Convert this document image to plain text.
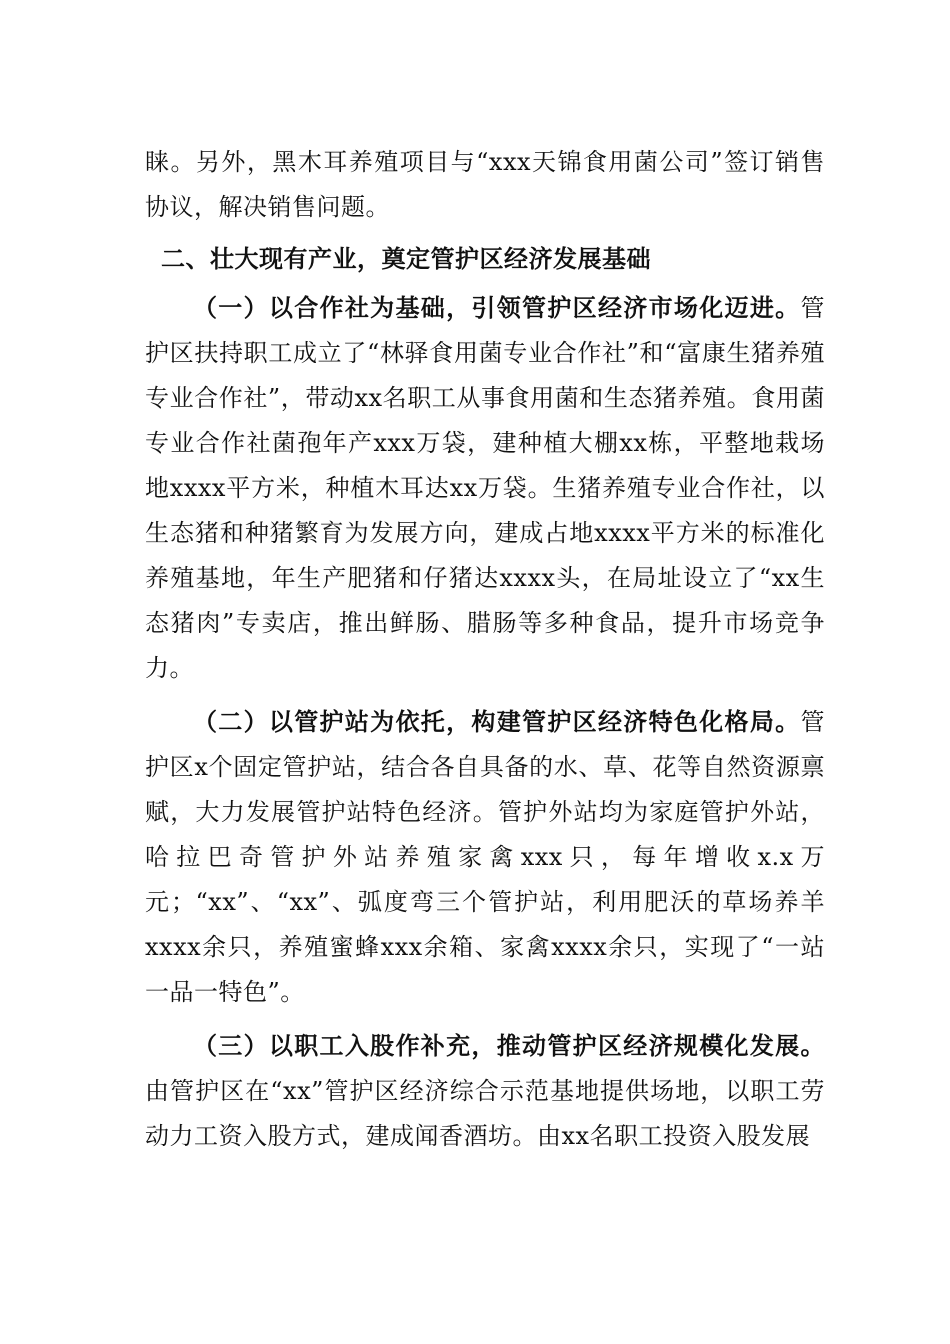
睐。另外，黑木耳养殖项目与“xxx天锦食用菌公司”签订销售协议，解决销售问题。

二、壮大现有产业，奠定管护区经济发展基础

（一）以合作社为基础，引领管护区经济市场化迈进。管护区扶持职工成立了“林驿食用菌专业合作社”和“富康生猪养殖专业合作社”，带动xx名职工从事食用菌和生态猪养殖。食用菌专业合作社菌孢年产xxx万袋，建种植大棚xx栋，平整地栽场地xxxx平方米，种植木耳达xx万袋。生猪养殖专业合作社，以生态猪和种猪繁育为发展方向，建成占地xxxx平方米的标准化养殖基地，年生产肥猪和仔猪达xxxx头，在局址设立了“xx生态猪肉”专卖店，推出鲜肠、腊肠等多种食品，提升市场竞争力。

（二）以管护站为依托，构建管护区经济特色化格局。管护区x个固定管护站，结合各自具备的水、草、花等自然资源禀赋，大力发展管护站特色经济。管护外站均为家庭管护外站，哈拉巴奇管护外站养殖家禽xxx只，每年增收x.x万元；“xx”、“xx”、弧度弯三个管护站，利用肥沃的草场养羊xxxx余只，养殖蜜蜂xxx余箱、家禽xxxx余只，实现了“一站一品一特色”。

（三）以职工入股作补充，推动管护区经济规模化发展。由管护区在“xx”管护区经济综合示范基地提供场地，以职工劳动力工资入股方式，建成闻香酒坊。由xx名职工投资入股发展
